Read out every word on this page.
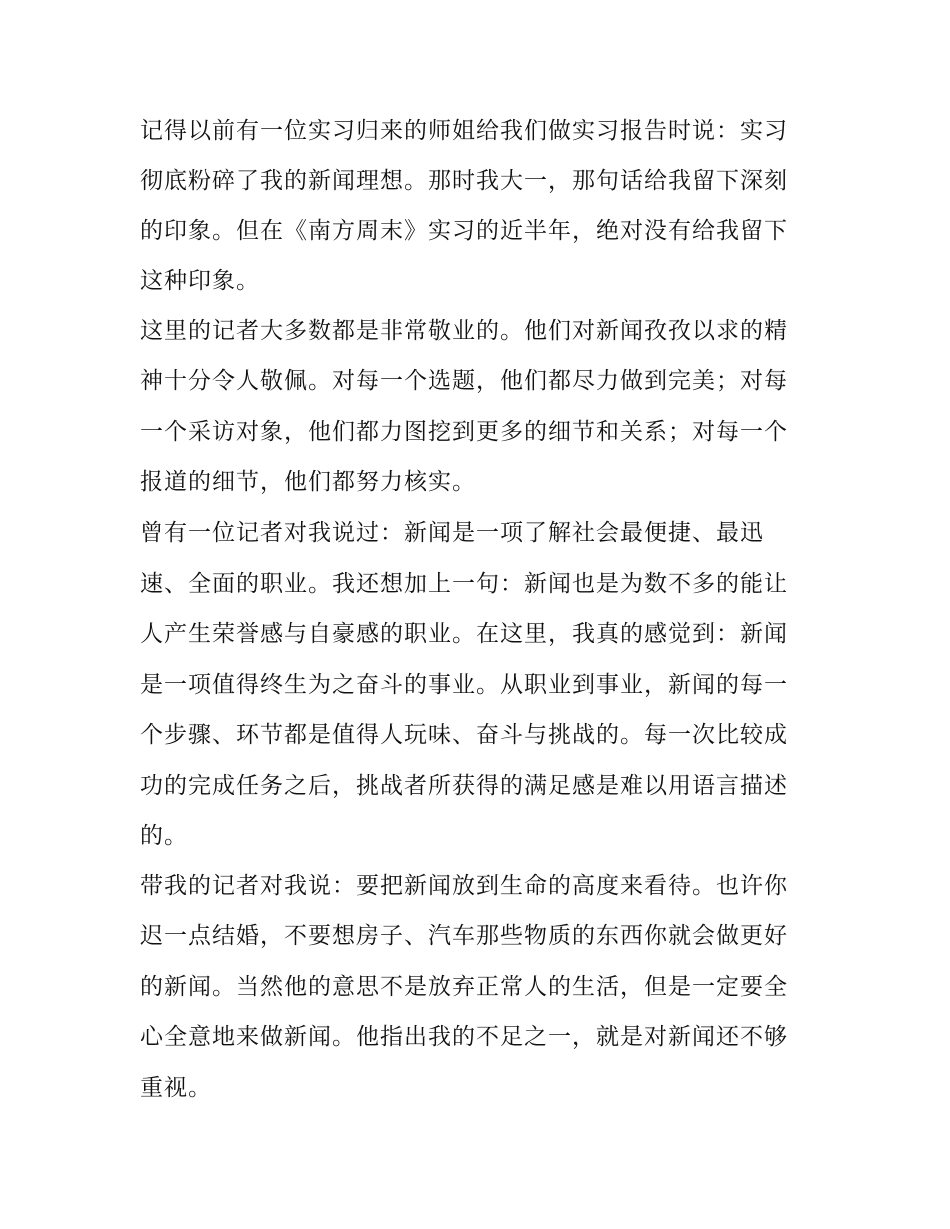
记得以前有一位实习归来的师姐给我们做实习报告时说：实习
彻底粉碎了我的新闻理想。那时我大一，那句话给我留下深刻
的印象。但在《南方周末》实习的近半年，绝对没有给我留下
这种印象。
这里的记者大多数都是非常敬业的。他们对新闻孜孜以求的精
神十分令人敬佩。对每一个选题，他们都尽力做到完美；对每
一个采访对象，他们都力图挖到更多的细节和关系；对每一个
报道的细节，他们都努力核实。
曾有一位记者对我说过：新闻是一项了解社会最便捷、最迅
速、全面的职业。我还想加上一句：新闻也是为数不多的能让
人产生荣誉感与自豪感的职业。在这里，我真的感觉到：新闻
是一项值得终生为之奋斗的事业。从职业到事业，新闻的每一
个步骤、环节都是值得人玩味、奋斗与挑战的。每一次比较成
功的完成任务之后，挑战者所获得的满足感是难以用语言描述
的。
带我的记者对我说：要把新闻放到生命的高度来看待。也许你
迟一点结婚，不要想房子、汽车那些物质的东西你就会做更好
的新闻。当然他的意思不是放弃正常人的生活，但是一定要全
心全意地来做新闻。他指出我的不足之一，就是对新闻还不够
重视。
